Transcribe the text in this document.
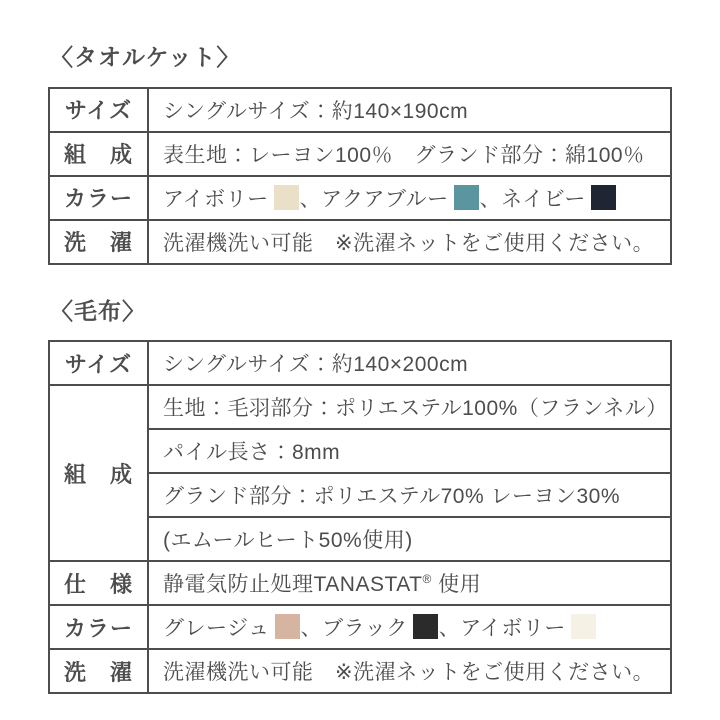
〈タオルケット〉
サイズ	シングルサイズ：約140×190cm
組　成	表生地：レーヨン100％　グランド部分：綿100％
カラー	アイボリー 、アクアブルー 、ネイビー
洗　濯	洗濯機洗い可能　※洗濯ネットをご使用ください。
〈毛布〉
サイズ	シングルサイズ：約140×200cm
組　成	生地：毛羽部分：ポリエステル100%（フランネル）
	パイル長さ：8mm
	グランド部分：ポリエステル70% レーヨン30%
	(エムールヒート50%使用)
仕　様	静電気防止処理TANASTAT® 使用
カラー	グレージュ 、ブラック 、アイボリー
洗　濯	洗濯機洗い可能　※洗濯ネットをご使用ください。
